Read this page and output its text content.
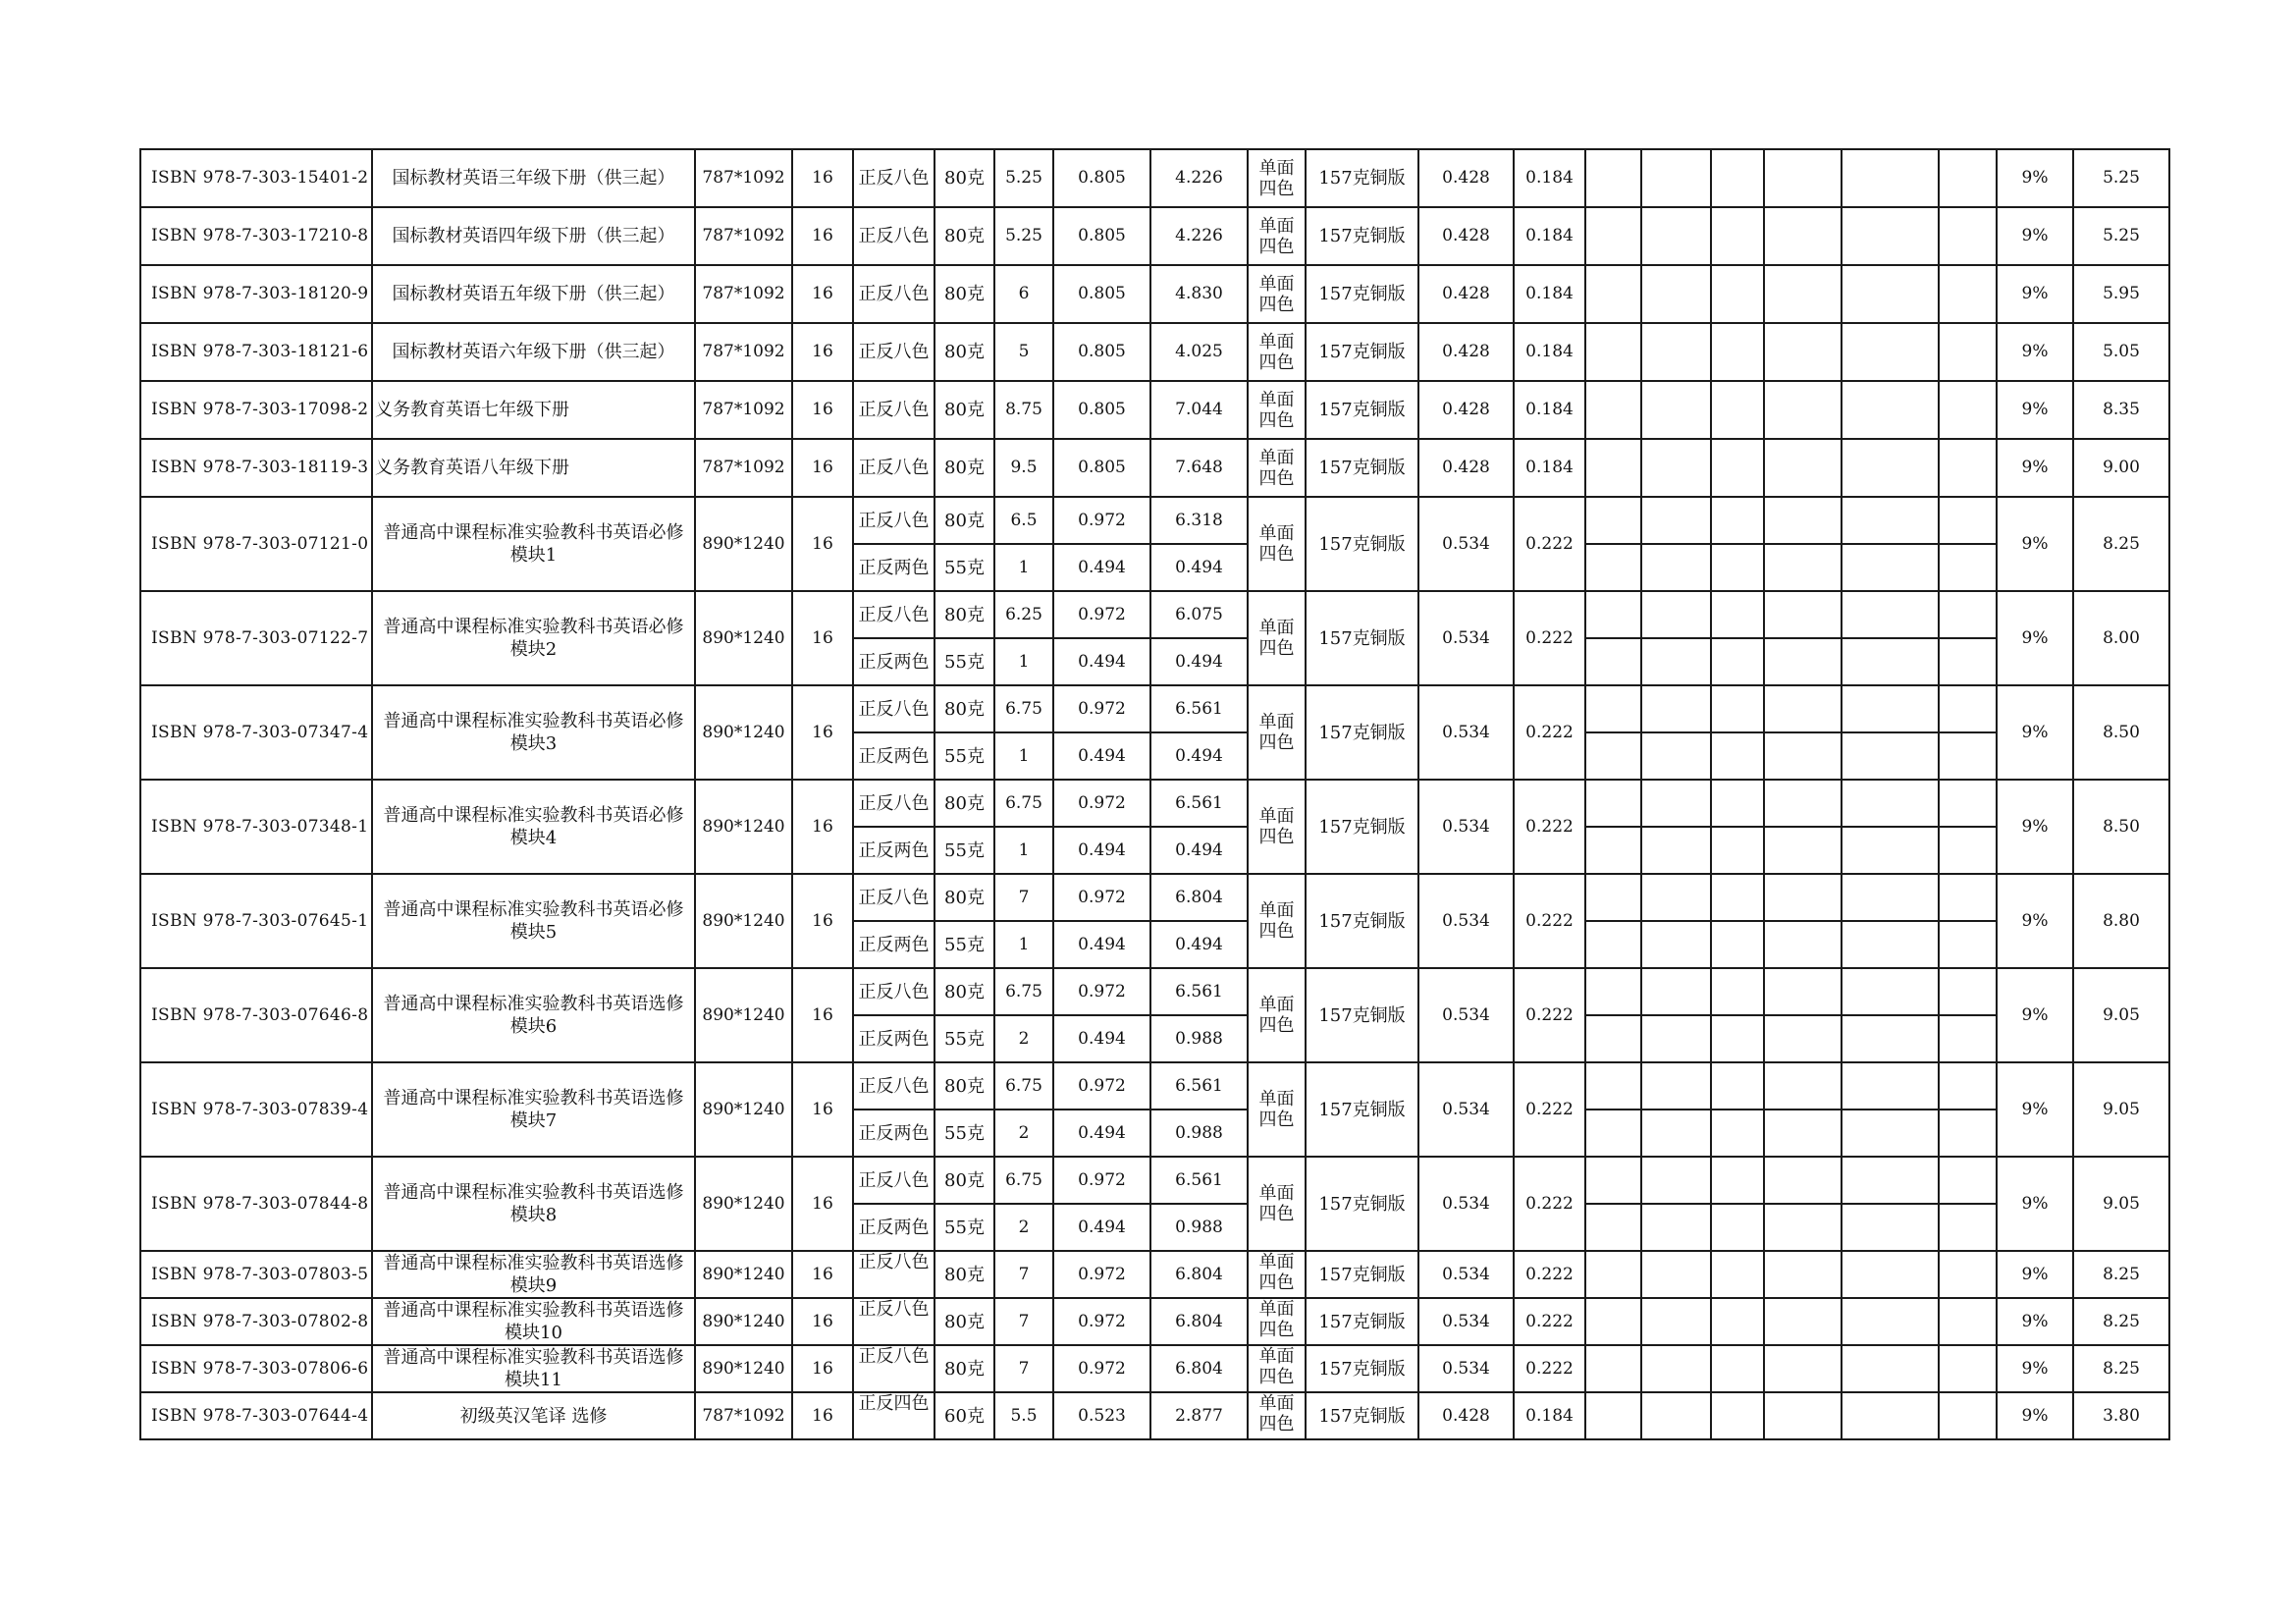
ISBN 978-7-303-15401-2	国标教材英语三年级下册（供三起）	787*1092	16	正反八色	80克	5.25	0.805	4.226	单面四色	157克铜版	0.428	0.184							9%	5.25	
ISBN 978-7-303-17210-8	国标教材英语四年级下册（供三起）	787*1092	16	正反八色	80克	5.25	0.805	4.226	单面四色	157克铜版	0.428	0.184							9%	5.25	
ISBN 978-7-303-18120-9	国标教材英语五年级下册（供三起）	787*1092	16	正反八色	80克	6	0.805	4.830	单面四色	157克铜版	0.428	0.184							9%	5.95	
ISBN 978-7-303-18121-6	国标教材英语六年级下册（供三起）	787*1092	16	正反八色	80克	5	0.805	4.025	单面四色	157克铜版	0.428	0.184							9%	5.05	
ISBN 978-7-303-17098-2	义务教育英语七年级下册	787*1092	16	正反八色	80克	8.75	0.805	7.044	单面四色	157克铜版	0.428	0.184							9%	8.35	
ISBN 978-7-303-18119-3	义务教育英语八年级下册	787*1092	16	正反八色	80克	9.5	0.805	7.648	单面四色	157克铜版	0.428	0.184							9%	9.00	
ISBN 978-7-303-07121-0	普通高中课程标准实验教科书英语必修模块1	890*1240	16	正反八色	80克	6.5	0.972	6.318	单面四色	157克铜版	0.534	0.222							9%	8.25	
				正反两色	55克	1	0.494	0.494													
ISBN 978-7-303-07122-7	普通高中课程标准实验教科书英语必修模块2	890*1240	16	正反八色	80克	6.25	0.972	6.075	单面四色	157克铜版	0.534	0.222							9%	8.00	
				正反两色	55克	1	0.494	0.494													
ISBN 978-7-303-07347-4	普通高中课程标准实验教科书英语必修模块3	890*1240	16	正反八色	80克	6.75	0.972	6.561	单面四色	157克铜版	0.534	0.222							9%	8.50	
				正反两色	55克	1	0.494	0.494													
ISBN 978-7-303-07348-1	普通高中课程标准实验教科书英语必修模块4	890*1240	16	正反八色	80克	6.75	0.972	6.561	单面四色	157克铜版	0.534	0.222							9%	8.50	
				正反两色	55克	1	0.494	0.494													
ISBN 978-7-303-07645-1	普通高中课程标准实验教科书英语必修模块5	890*1240	16	正反八色	80克	7	0.972	6.804	单面四色	157克铜版	0.534	0.222							9%	8.80	
				正反两色	55克	1	0.494	0.494													
ISBN 978-7-303-07646-8	普通高中课程标准实验教科书英语选修模块6	890*1240	16	正反八色	80克	6.75	0.972	6.561	单面四色	157克铜版	0.534	0.222							9%	9.05	
				正反两色	55克	2	0.494	0.988													
ISBN 978-7-303-07839-4	普通高中课程标准实验教科书英语选修模块7	890*1240	16	正反八色	80克	6.75	0.972	6.561	单面四色	157克铜版	0.534	0.222							9%	9.05	
				正反两色	55克	2	0.494	0.988													
ISBN 978-7-303-07844-8	普通高中课程标准实验教科书英语选修模块8	890*1240	16	正反八色	80克	6.75	0.972	6.561	单面四色	157克铜版	0.534	0.222							9%	9.05	
				正反两色	55克	2	0.494	0.988													
ISBN 978-7-303-07803-5	普通高中课程标准实验教科书英语选修模块9	890*1240	16	正反八色	80克	7	0.972	6.804	单面四色	157克铜版	0.534	0.222							9%	8.25	
ISBN 978-7-303-07802-8	普通高中课程标准实验教科书英语选修模块10	890*1240	16	正反八色	80克	7	0.972	6.804	单面四色	157克铜版	0.534	0.222							9%	8.25	
ISBN 978-7-303-07806-6	普通高中课程标准实验教科书英语选修模块11	890*1240	16	正反八色	80克	7	0.972	6.804	单面四色	157克铜版	0.534	0.222							9%	8.25	
ISBN 978-7-303-07644-4	初级英汉笔译 选修	787*1092	16	正反四色	60克	5.5	0.523	2.877	单面四色	157克铜版	0.428	0.184							9%	3.80	
